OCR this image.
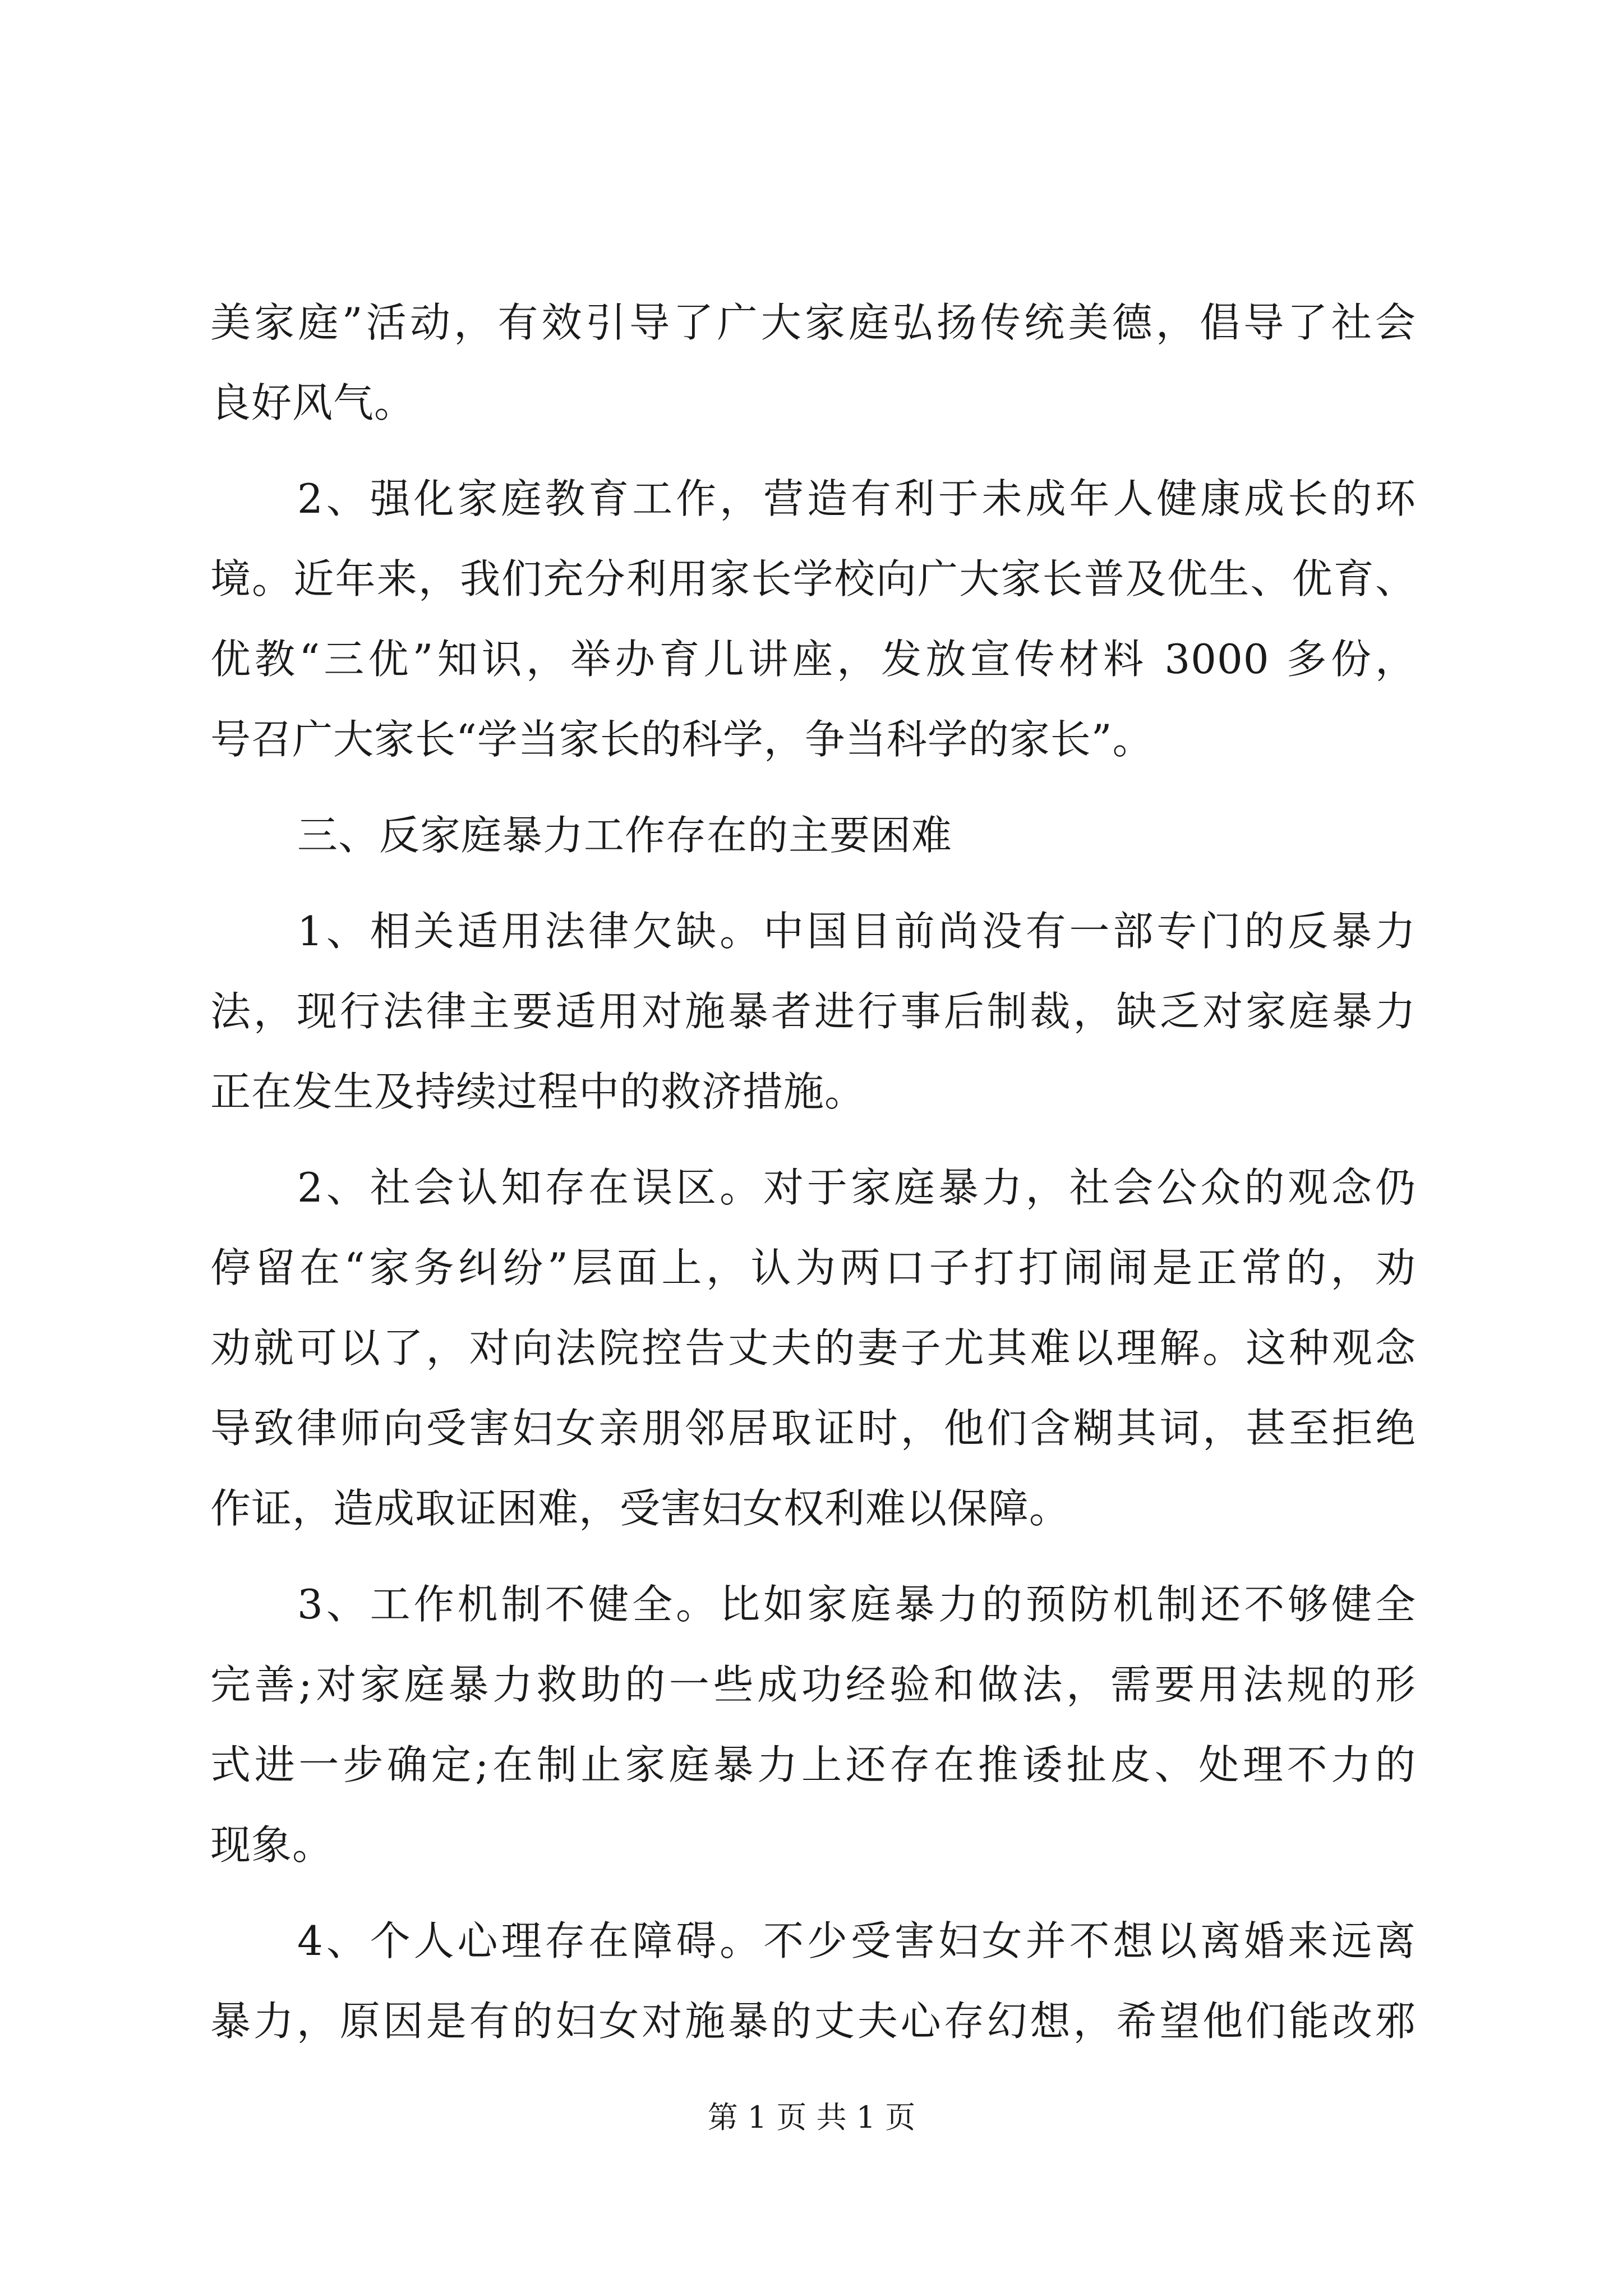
美家庭”活动，有效引导了广大家庭弘扬传统美德，倡导了社会
良好风气。
2、强化家庭教育工作，营造有利于未成年人健康成长的环
境。近年来，我们充分利用家长学校向广大家长普及优生、优育、
优教“三优”知识，举办育儿讲座，发放宣传材料 3000 多份，
号召广大家长“学当家长的科学，争当科学的家长”。
三、反家庭暴力工作存在的主要困难
1、相关适用法律欠缺。中国目前尚没有一部专门的反暴力
法，现行法律主要适用对施暴者进行事后制裁，缺乏对家庭暴力
正在发生及持续过程中的救济措施。
2、社会认知存在误区。对于家庭暴力，社会公众的观念仍
停留在“家务纠纷”层面上，认为两口子打打闹闹是正常的，劝
劝就可以了，对向法院控告丈夫的妻子尤其难以理解。这种观念
导致律师向受害妇女亲朋邻居取证时，他们含糊其词，甚至拒绝
作证，造成取证困难，受害妇女权利难以保障。
3、工作机制不健全。比如家庭暴力的预防机制还不够健全
完善;对家庭暴力救助的一些成功经验和做法，需要用法规的形
式进一步确定;在制止家庭暴力上还存在推诿扯皮、处理不力的
现象。
4、个人心理存在障碍。不少受害妇女并不想以离婚来远离
暴力，原因是有的妇女对施暴的丈夫心存幻想，希望他们能改邪
第 1 页 共 1 页
